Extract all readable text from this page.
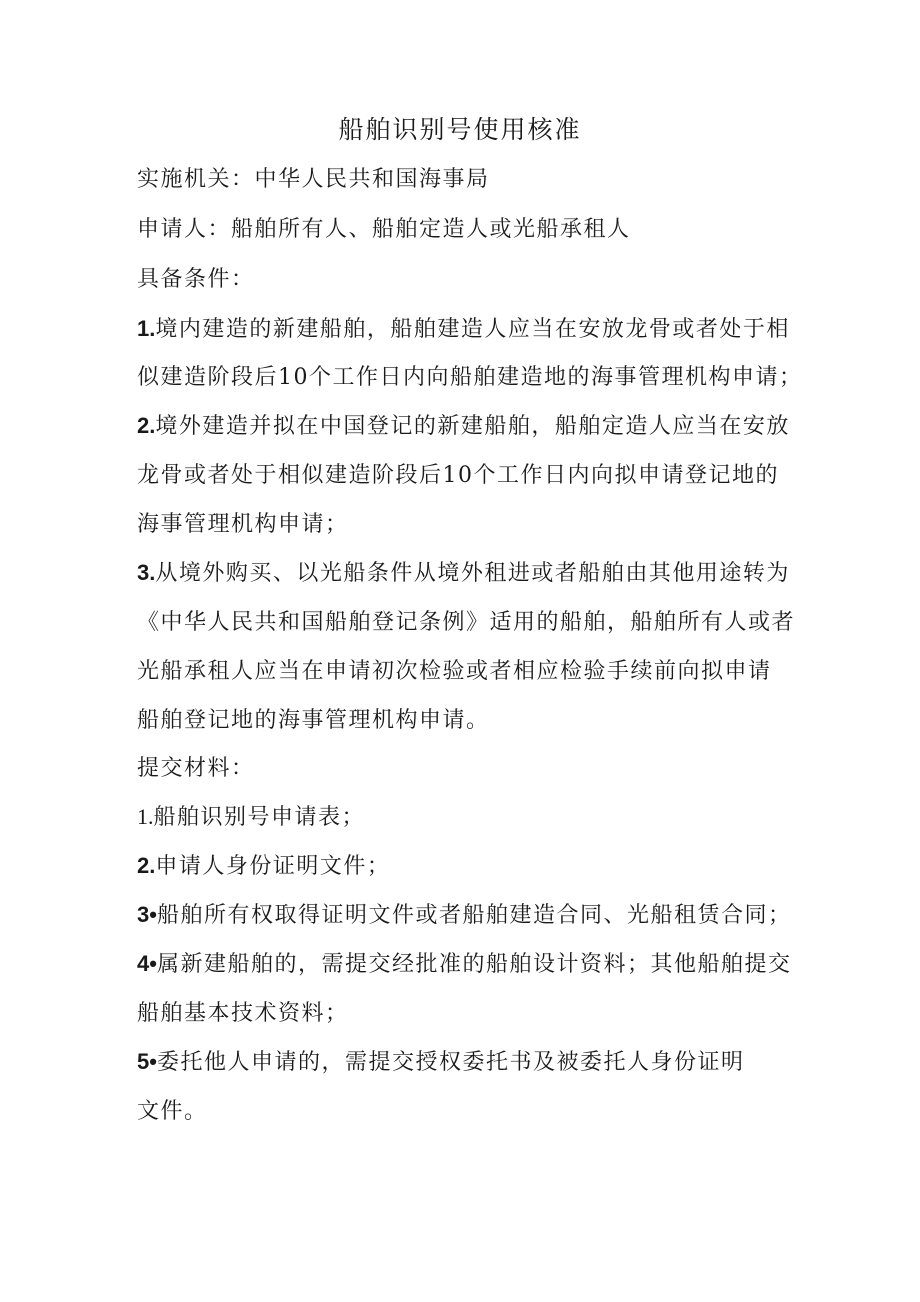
船舶识别号使用核准

实施机关：中华人民共和国海事局

申请人：船舶所有人、船舶定造人或光船承租人

具备条件：

1.境内建造的新建船舶，船舶建造人应当在安放龙骨或者处于相

似建造阶段后10个工作日内向船舶建造地的海事管理机构申请；

2.境外建造并拟在中国登记的新建船舶，船舶定造人应当在安放

龙骨或者处于相似建造阶段后10个工作日内向拟申请登记地的

海事管理机构申请；

3.从境外购买、以光船条件从境外租进或者船舶由其他用途转为

《中华人民共和国船舶登记条例》适用的船舶，船舶所有人或者

光船承租人应当在申请初次检验或者相应检验手续前向拟申请

船舶登记地的海事管理机构申请。

提交材料：

1.船舶识别号申请表；

2.申请人身份证明文件；

3•船舶所有权取得证明文件或者船舶建造合同、光船租赁合同；

4•属新建船舶的，需提交经批准的船舶设计资料；其他船舶提交

船舶基本技术资料；

5•委托他人申请的，需提交授权委托书及被委托人身份证明

文件。
